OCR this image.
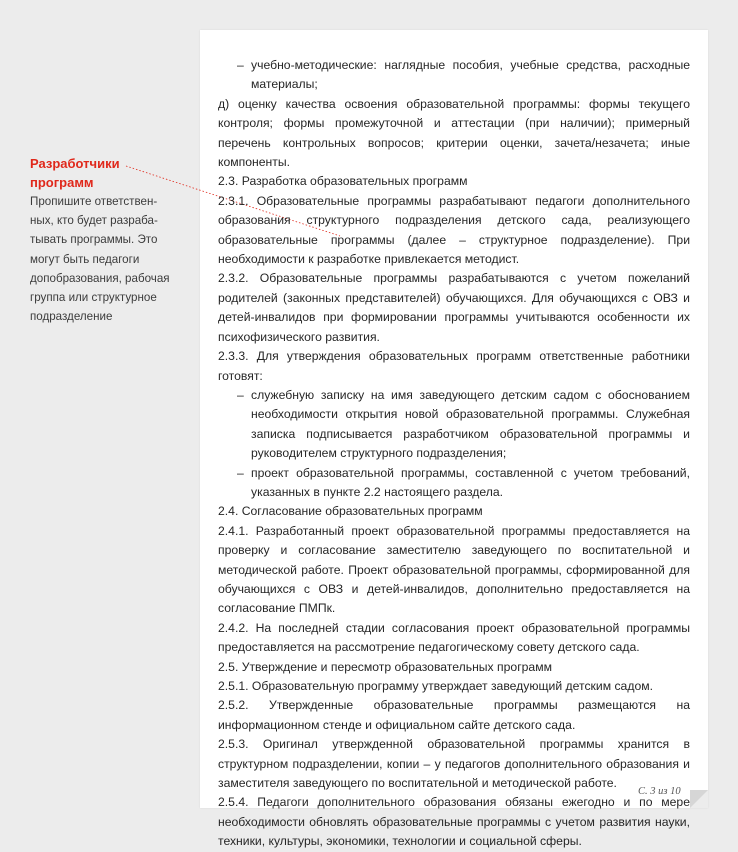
Разработчики

программ

Пропишите ответствен-

ных, кто будет разраба-

тывать программы. Это

могут быть педагоги

допобразования, рабочая

группа или структурное

подразделение

– учебно-методические: наглядные пособия, учебные средства, расходные материалы;

д) оценку качества освоения образовательной программы: формы текущего контроля; формы промежуточной и аттестации (при наличии); примерный перечень контрольных вопросов; критерии оценки, зачета/незачета; иные компоненты.

2.3. Разработка образовательных программ

2.3.1. Образовательные программы разрабатывают педагоги дополнительного образования структурного подразделения детского сада, реализующего образовательные программы (далее – структурное подразделение). При необходимости к разработке привлекается методист.

2.3.2. Образовательные программы разрабатываются с учетом пожеланий родителей (законных представителей) обучающихся. Для обучающихся с ОВЗ и детей-инвалидов при формировании программы учитываются особенности их психофизического развития.

2.3.3. Для утверждения образовательных программ ответственные работники готовят:

– служебную записку на имя заведующего детским садом с обоснованием необходимости открытия новой образовательной программы. Служебная записка подписывается разработчиком образовательной программы и руководителем структурного подразделения;

– проект образовательной программы, составленной с учетом требований, указанных в пункте 2.2 настоящего раздела.

2.4. Согласование образовательных программ

2.4.1. Разработанный проект образовательной программы предоставляется на проверку и согласование заместителю заведующего по воспитательной и методической работе. Проект образовательной программы, сформированной для обучающихся с ОВЗ и детей-инвалидов, дополнительно предоставляется на согласование ПМПк.

2.4.2. На последней стадии согласования проект образовательной программы предоставляется на рассмотрение педагогическому совету детского сада.

2.5. Утверждение и пересмотр образовательных программ

2.5.1. Образовательную программу утверждает заведующий детским садом.

2.5.2. Утвержденные образовательные программы размещаются на информационном стенде и официальном сайте детского сада.

2.5.3. Оригинал утвержденной образовательной программы хранится в структурном подразделении, копии – у педагогов дополнительного образования и заместителя заведующего по воспитательной и методической работе.

2.5.4. Педагоги дополнительного образования обязаны ежегодно и по мере необходимости обновлять образовательные программы с учетом развития науки, техники, культуры, экономики, технологии и социальной сферы.

С. 3 из 10
